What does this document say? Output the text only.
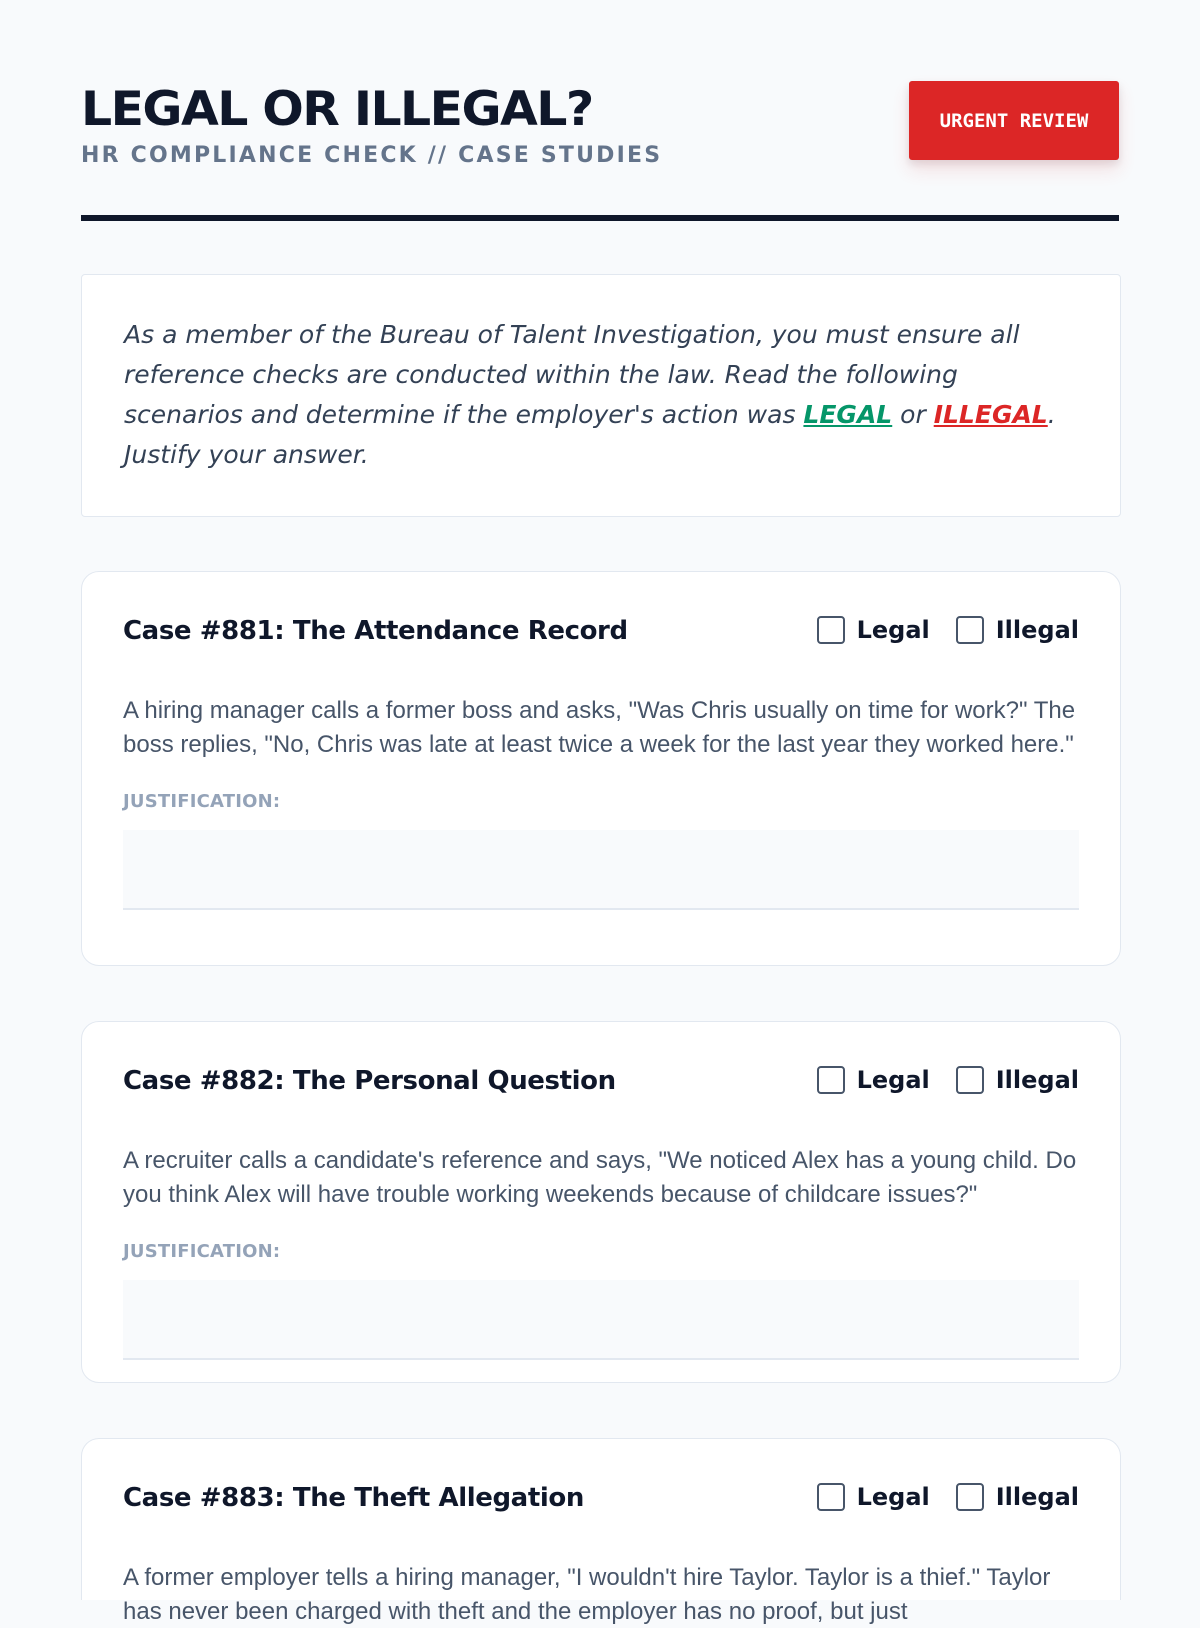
LEGAL OR ILLEGAL?
HR COMPLIANCE CHECK // CASE STUDIES
URGENT REVIEW

As a member of the Bureau of Talent Investigation, you must ensure all reference checks are conducted within the law. Read the following scenarios and determine if the employer's action was LEGAL or ILLEGAL. Justify your answer.

Case #881: The Attendance Record	Legal	Illegal

A hiring manager calls a former boss and asks, "Was Chris usually on time for work?" The boss replies, "No, Chris was late at least twice a week for the last year they worked here."

JUSTIFICATION:
Case #882: The Personal Question	Legal	Illegal

A recruiter calls a candidate's reference and says, "We noticed Alex has a young child. Do you think Alex will have trouble working weekends because of childcare issues?"

JUSTIFICATION:
Case #883: The Theft Allegation	Legal	Illegal

A former employer tells a hiring manager, "I wouldn't hire Taylor. Taylor is a thief." Taylor has never been charged with theft and the employer has no proof, but just
